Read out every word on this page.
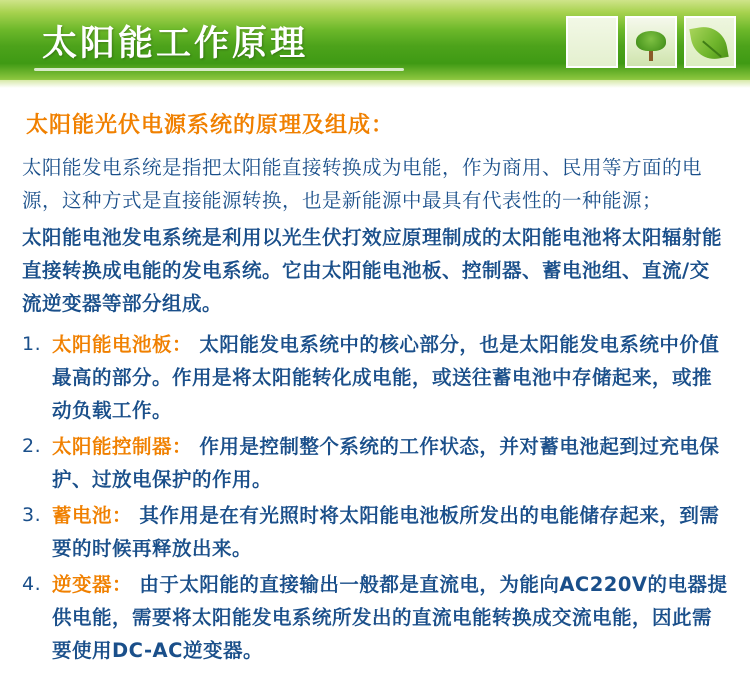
太阳能工作原理
太阳能光伏电源系统的原理及组成：

太阳能发电系统是指把太阳能直接转换成为电能，作为商用、民用等方面的电源，这种方式是直接能源转换，也是新能源中最具有代表性的一种能源；

太阳能电池发电系统是利用以光生伏打效应原理制成的太阳能电池将太阳辐射能直接转换成电能的发电系统。它由太阳能电池板、控制器、蓄电池组、直流/交流逆变器等部分组成。

1. 太阳能电池板： 太阳能发电系统中的核心部分，也是太阳能发电系统中价值最高的部分。作用是将太阳能转化成电能，或送往蓄电池中存储起来，或推动负载工作。
2. 太阳能控制器： 作用是控制整个系统的工作状态，并对蓄电池起到过充电保护、过放电保护的作用。
3. 蓄电池： 其作用是在有光照时将太阳能电池板所发出的电能储存起来，到需要的时候再释放出来。
4. 逆变器： 由于太阳能的直接输出一般都是直流电，为能向AC220V的电器提供电能，需要将太阳能发电系统所发出的直流电能转换成交流电能，因此需要使用DC-AC逆变器。
